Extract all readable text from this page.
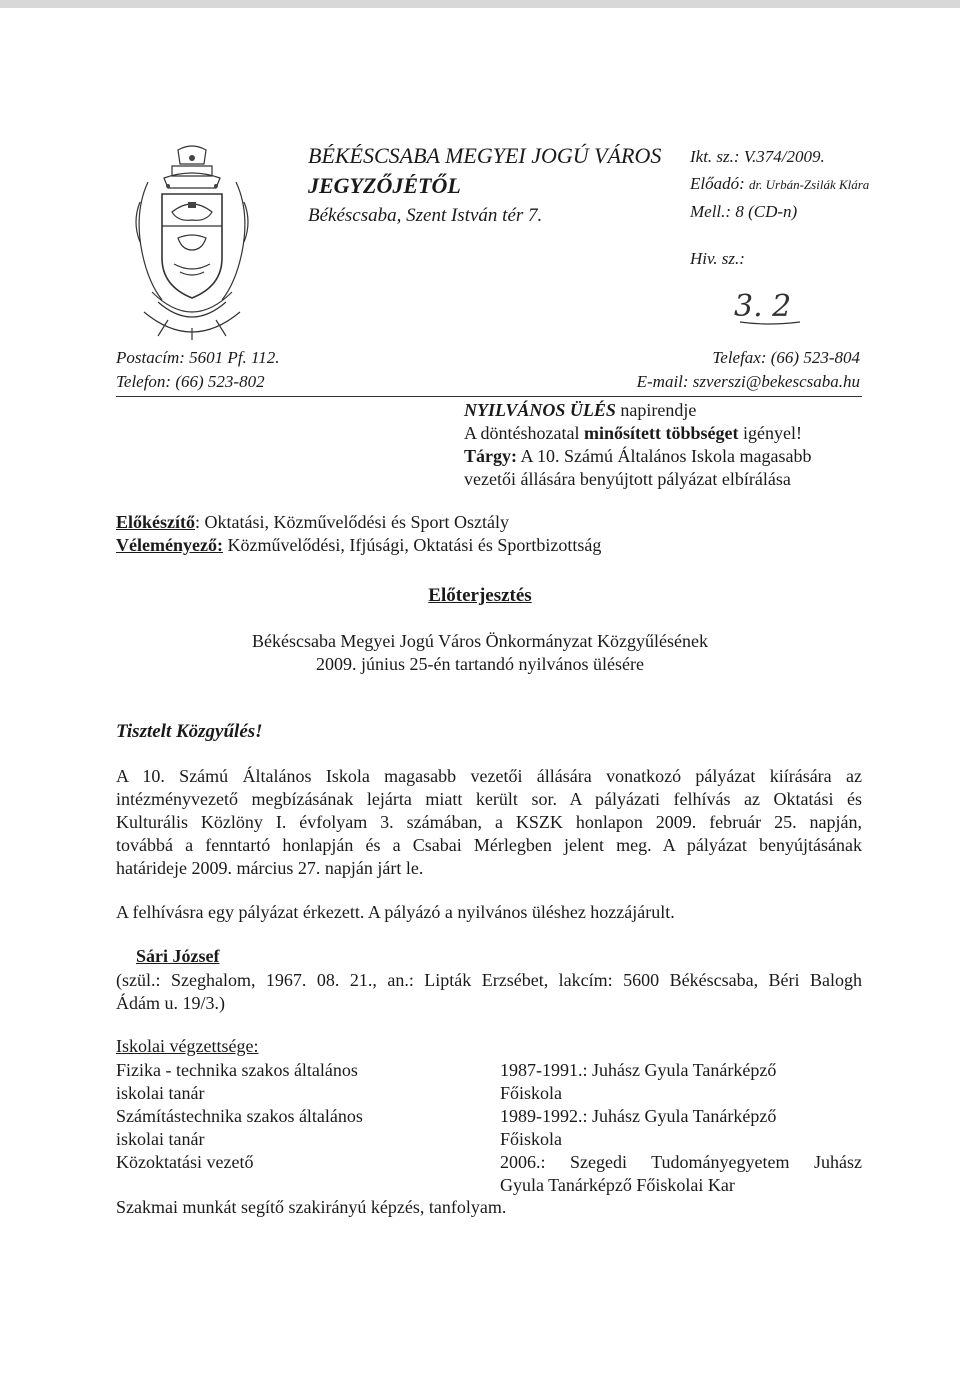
BÉKÉSCSABA MEGYEI JOGÚ VÁROS
JEGYZŐJÉTŐL
Békéscsaba, Szent István tér 7.
Ikt. sz.: V.374/2009.
Előadó: dr. Urbán-Zsilák Klára
Mell.: 8 (CD-n)
Hiv. sz.:
3. 2
Postacím: 5601 Pf. 112.
Telefon: (66) 523-802
Telefax: (66) 523-804
E-mail: szverszi@bekescsaba.hu
NYILVÁNOS ÜLÉS napirendje
A döntéshozatal minősített többséget igényel!
Tárgy: A 10. Számú Általános Iskola magasabb
vezetői állására benyújtott pályázat elbírálása
Előkészítő: Oktatási, Közművelődési és Sport Osztály
Véleményező: Közművelődési, Ifjúsági, Oktatási és Sportbizottság
Előterjesztés
Békéscsaba Megyei Jogú Város Önkormányzat Közgyűlésének
2009. június 25-én tartandó nyilvános ülésére
Tisztelt Közgyűlés!
A 10. Számú Általános Iskola magasabb vezetői állására vonatkozó pályázat kiírására az
intézményvezető megbízásának lejárta miatt került sor. A pályázati felhívás az Oktatási és
Kulturális Közlöny I. évfolyam 3. számában, a KSZK honlapon 2009. február 25. napján,
továbbá a fenntartó honlapján és a Csabai Mérlegben jelent meg. A pályázat benyújtásának
határideje 2009. március 27. napján járt le.
A felhívásra egy pályázat érkezett. A pályázó a nyilvános üléshez hozzájárult.
Sári József
(szül.: Szeghalom, 1967. 08. 21., an.: Lipták Erzsébet, lakcím: 5600 Békéscsaba, Béri Balogh
Ádám u. 19/3.)
Iskolai végzettsége:
Fizika - technika szakos általános	1987-1991.: Juhász Gyula Tanárképző
iskolai tanár	Főiskola
Számítástechnika szakos általános	1989-1992.: Juhász Gyula Tanárképző
iskolai tanár	Főiskola
Közoktatási vezető	2006.: Szegedi Tudományegyetem Juhász
Gyula Tanárképző Főiskolai Kar
Szakmai munkát segítő szakirányú képzés, tanfolyam.
